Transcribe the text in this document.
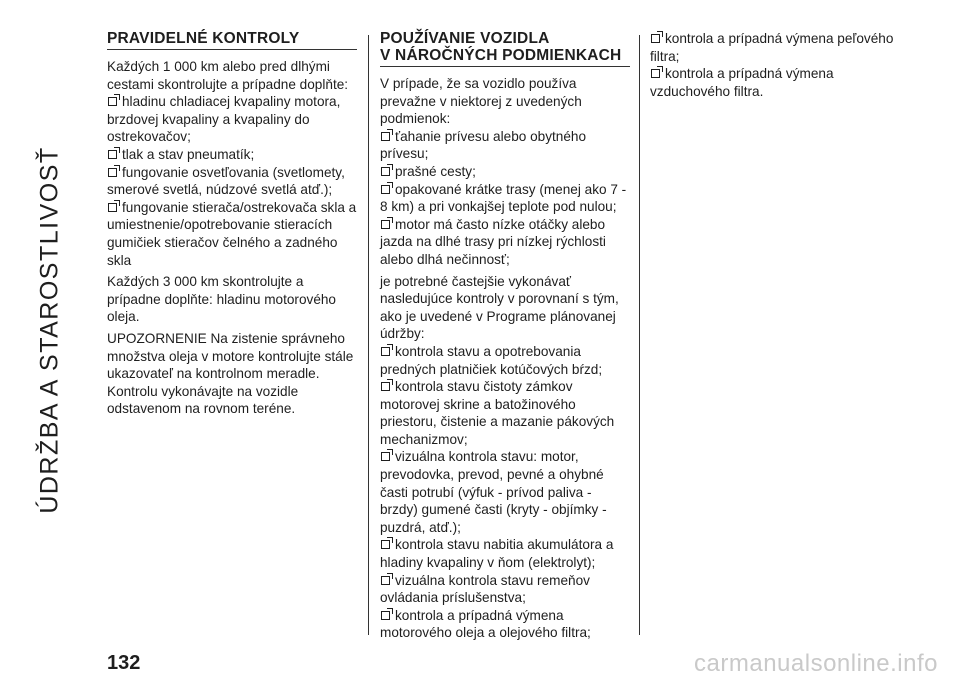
ÚDRŽBA A STAROSTLIVOSŤ
PRAVIDELNÉ KONTROLY

Každých 1 000 km alebo pred dlhými cestami skontrolujte a prípadne doplňte:

hladinu chladiacej kvapaliny motora, brzdovej kvapaliny a kvapaliny do ostrekovačov;

tlak a stav pneumatík;

fungovanie osvetľovania (svetlomety, smerové svetlá, núdzové svetlá atď.);

fungovanie stierača/ostrekovača skla a umiestnenie/opotrebovanie stieracích gumičiek stieračov čelného a zadného skla

Každých 3 000 km skontrolujte a prípadne doplňte: hladinu motorového oleja.

UPOZORNENIE Na zistenie správneho množstva oleja v motore kontrolujte stále ukazovateľ na kontrolnom meradle. Kontrolu vykonávajte na vozidle odstavenom na rovnom teréne.

POUŽÍVANIE VOZIDLA
V NÁROČNÝCH PODMIENKACH

V prípade, že sa vozidlo používa prevažne v niektorej z uvedených podmienok:

ťahanie prívesu alebo obytného prívesu;

prašné cesty;

opakované krátke trasy (menej ako 7 - 8 km) a pri vonkajšej teplote pod nulou;

motor má často nízke otáčky alebo jazda na dlhé trasy pri nízkej rýchlosti alebo dlhá nečinnosť;

je potrebné častejšie vykonávať nasledujúce kontroly v porovnaní s tým, ako je uvedené v Programe plánovanej údržby:

kontrola stavu a opotrebovania predných platničiek kotúčových bŕzd;

kontrola stavu čistoty zámkov motorovej skrine a batožinového priestoru, čistenie a mazanie pákových mechanizmov;

vizuálna kontrola stavu: motor, prevodovka, prevod, pevné a ohybné časti potrubí (výfuk - prívod paliva - brzdy) gumené časti (kryty - objímky - puzdrá, atď.);

kontrola stavu nabitia akumulátora a hladiny kvapaliny v ňom (elektrolyt);

vizuálna kontrola stavu remeňov ovládania príslušenstva;

kontrola a prípadná výmena motorového oleja a olejového filtra;

kontrola a prípadná výmena peľového filtra;

kontrola a prípadná výmena vzduchového filtra.

132	carmanualsonline.info
